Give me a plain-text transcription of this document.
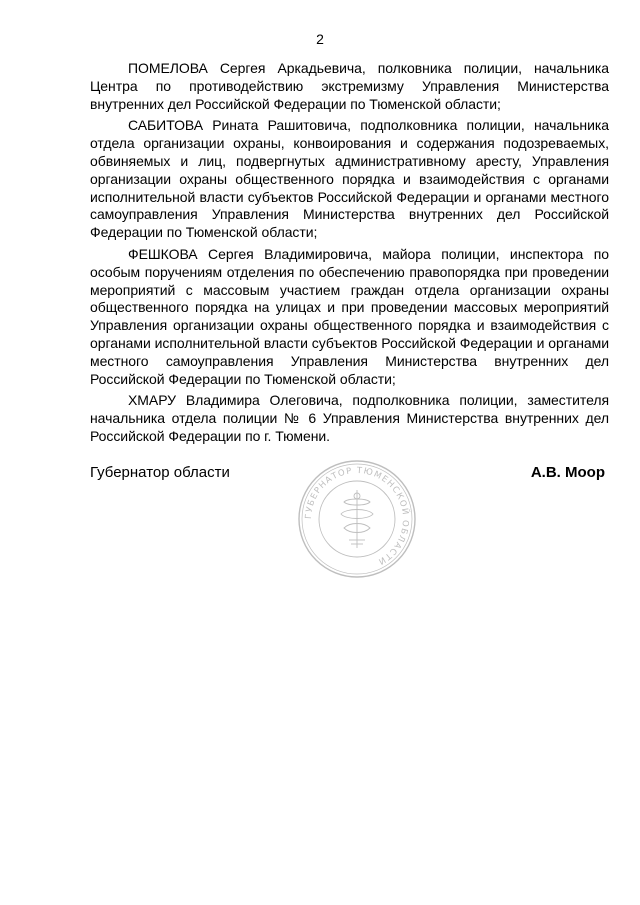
2

ПОМЕЛОВА Сергея Аркадьевича, полковника полиции, начальника Центра по противодействию экстремизму Управления Министерства внутренних дел Российской Федерации по Тюменской области;

САБИТОВА Рината Рашитовича, подполковника полиции, начальника отдела организации охраны, конвоирования и содержания подозреваемых, обвиняемых и лиц, подвергнутых административному аресту, Управления организации охраны общественного порядка и взаимодействия с органами исполнительной власти субъектов Российской Федерации и органами местного самоуправления Управления Министерства внутренних дел Российской Федерации по Тюменской области;

ФЕШКОВА Сергея Владимировича, майора полиции, инспектора по особым поручениям отделения по обеспечению правопорядка при проведении мероприятий с массовым участием граждан отдела организации охраны общественного порядка на улицах и при проведении массовых мероприятий Управления организации охраны общественного порядка и взаимодействия с органами исполнительной власти субъектов Российской Федерации и органами местного самоуправления Управления Министерства внутренних дел Российской Федерации по Тюменской области;

ХМАРУ Владимира Олеговича, подполковника полиции, заместителя начальника отдела полиции № 6 Управления Министерства внутренних дел Российской Федерации по г. Тюмени.

ГУБЕРНАТОР ТЮМЕНСКОЙ ОБЛАСТИ
Губернатор области	А.В. Моор
